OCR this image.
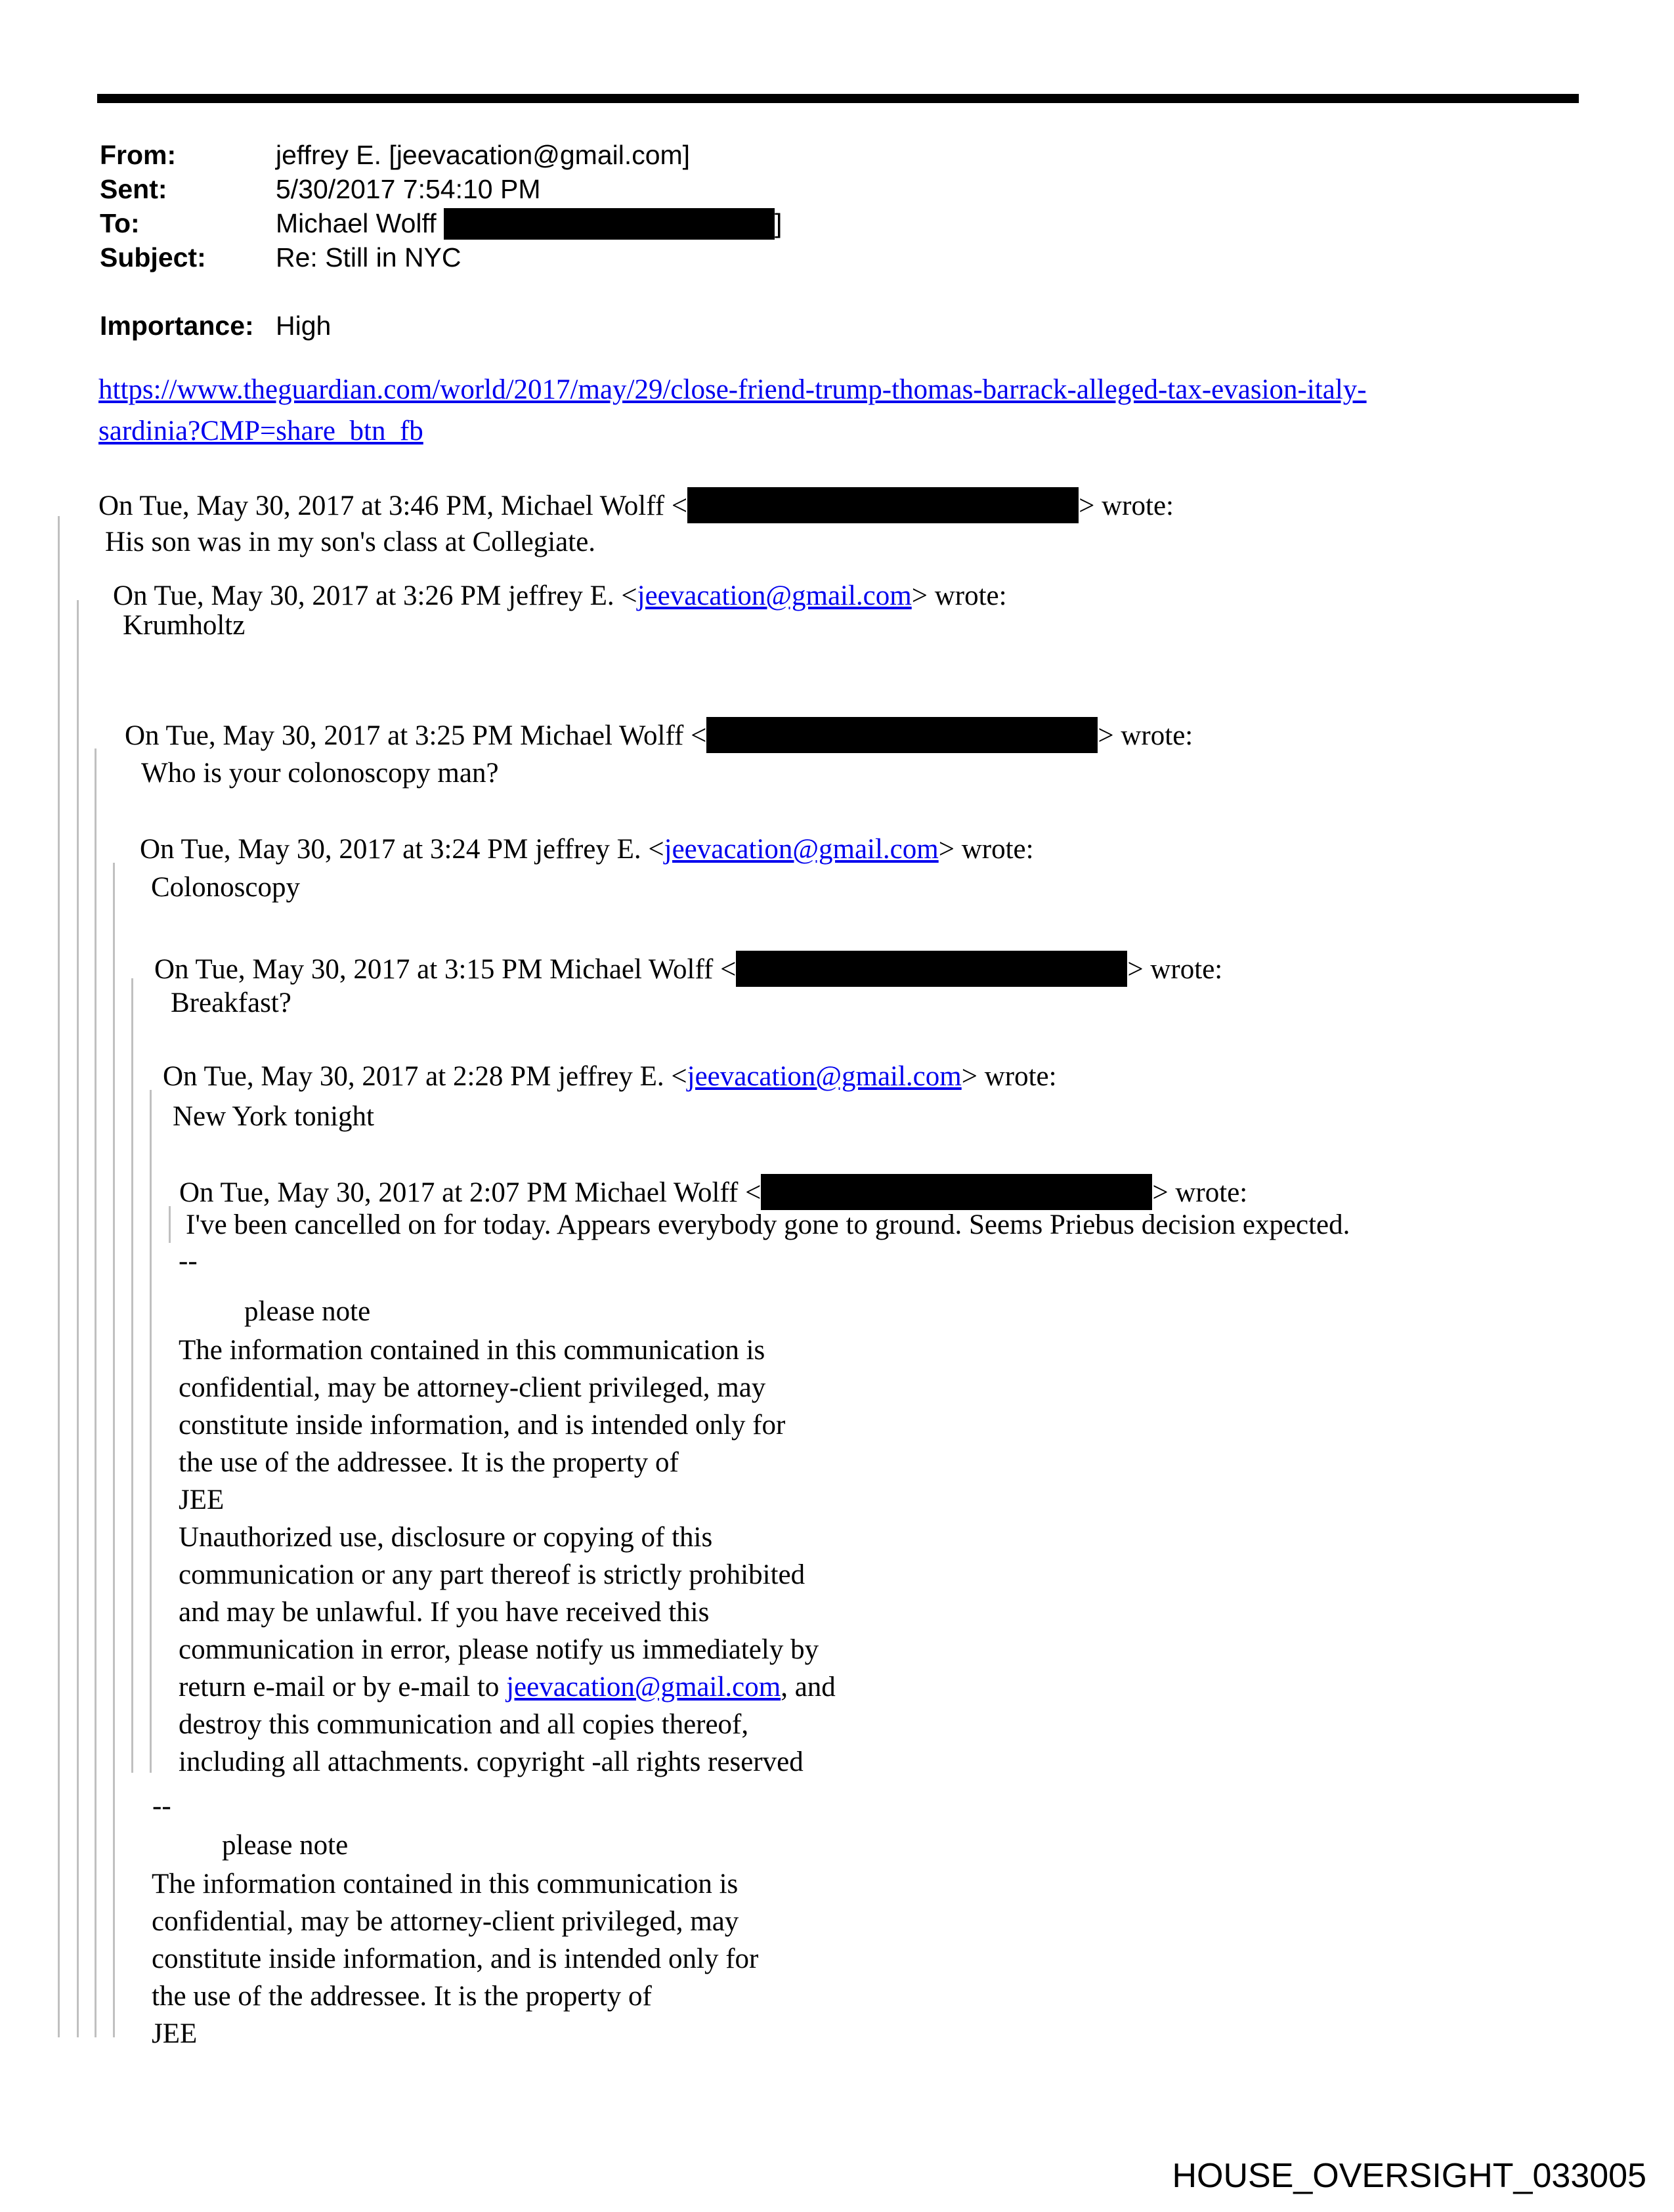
From:	jeffrey E. [jeevacation@gmail.com]
Sent:	5/30/2017 7:54:10 PM
To:	Michael Wolff	]
Subject:	Re: Still in NYC
Importance: High
https://www.theguardian.com/world/2017/may/29/close-friend-trump-thomas-barrack-alleged-tax-evasion-italy-
sardinia?CMP=share_btn_fb
On Tue, May 30, 2017 at 3:46 PM, Michael Wolff <	> wrote:
His son was in my son's class at Collegiate.
On Tue, May 30, 2017 at 3:26 PM jeffrey E. <jeevacation@gmail.com> wrote:
Krumholtz
On Tue, May 30, 2017 at 3:25 PM Michael Wolff <	> wrote:
Who is your colonoscopy man?
On Tue, May 30, 2017 at 3:24 PM jeffrey E. <jeevacation@gmail.com> wrote:
Colonoscopy
On Tue, May 30, 2017 at 3:15 PM Michael Wolff <	> wrote:
Breakfast?
On Tue, May 30, 2017 at 2:28 PM jeffrey E. <jeevacation@gmail.com> wrote:
New York tonight
On Tue, May 30, 2017 at 2:07 PM Michael Wolff <	> wrote:
I've been cancelled on for today. Appears everybody gone to ground. Seems Priebus decision expected.
--
please note
The information contained in this communication is
confidential, may be attorney-client privileged, may
constitute inside information, and is intended only for
the use of the addressee. It is the property of
JEE
Unauthorized use, disclosure or copying of this
communication or any part thereof is strictly prohibited
and may be unlawful. If you have received this
communication in error, please notify us immediately by
return e-mail or by e-mail to jeevacation@gmail.com, and
destroy this communication and all copies thereof,
including all attachments. copyright -all rights reserved
--
please note
The information contained in this communication is
confidential, may be attorney-client privileged, may
constitute inside information, and is intended only for
the use of the addressee. It is the property of
JEE
HOUSE_OVERSIGHT_033005
